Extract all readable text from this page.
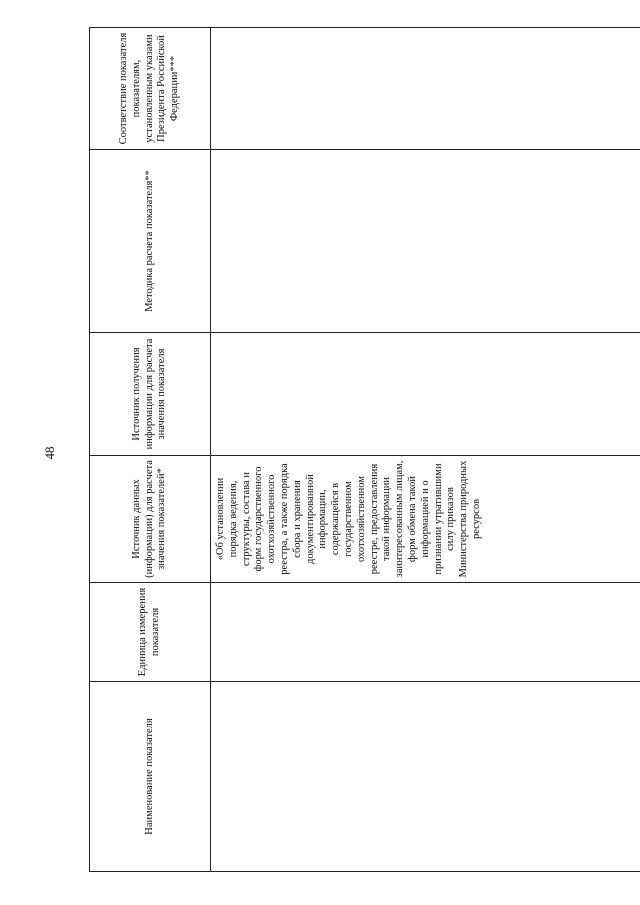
48
Наименование показателя	Единица измерения показателя	Источник данных (информации) для расчета значения показателей*	Источник получения информации для расчета значения показателя	Методика расчета показателя**	Соответствие показателя показателям, установленным указами Президента Российской Федерации***

		«Об установлении порядка ведения, структуры, состава и форм государственного охотхозяйственного реестра, а также порядка сбора и хранения документированной информации, содержащейся в государственном охотхозяйственном реестре, предоставления такой информации заинтересованным лицам, форм обмена такой информацией и о признании утратившими силу приказов Министерства природных ресурсов			
